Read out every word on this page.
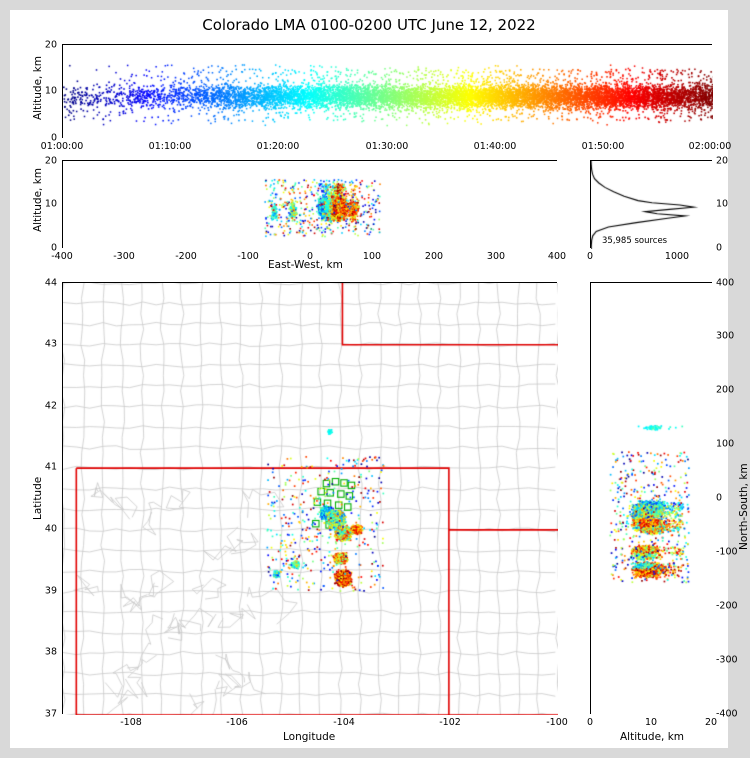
Colorado LMA 0100-0200 UTC June 12, 2022
0
10
20
01:00:00	01:10:00	01:20:00	01:30:00	01:40:00	01:50:00	02:00:00
Altitude, km
0
10
20
-400	-300	-200	-100	0	100	200	300	400
Altitude, km
East-West, km
0
10
20
0	1000
35,985 sources
37
38
39
40
41
42
43
44
-108	-106	-104	-102	-100
Latitude
Longitude
-400
-300
-200
-100
0
100
200
300
400
0	10	20
North-South, km
Altitude, km
